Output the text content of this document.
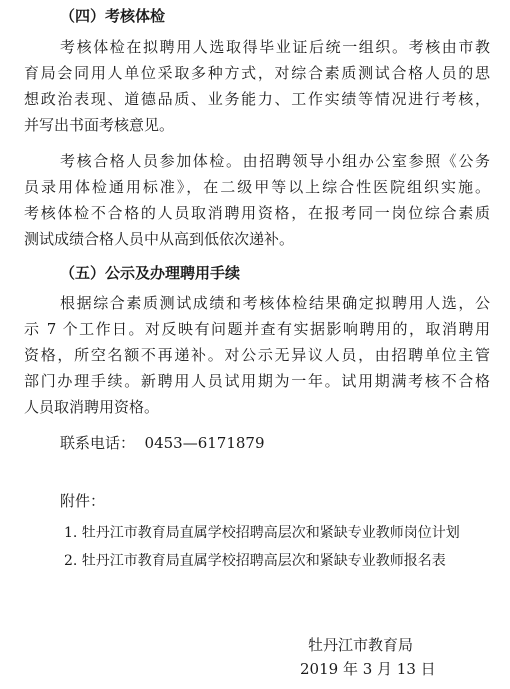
（四）考核体检
考核体检在拟聘用人选取得毕业证后统一组织。考核由市教
育局会同用人单位采取多种方式，对综合素质测试合格人员的思
想政治表现、道德品质、业务能力、工作实绩等情况进行考核，
并写出书面考核意见。
考核合格人员参加体检。由招聘领导小组办公室参照《公务
员录用体检通用标准》，在二级甲等以上综合性医院组织实施。
考核体检不合格的人员取消聘用资格，在报考同一岗位综合素质
测试成绩合格人员中从高到低依次递补。
（五）公示及办理聘用手续
根据综合素质测试成绩和考核体检结果确定拟聘用人选，公
示 7 个工作日。对反映有问题并查有实据影响聘用的，取消聘用
资格，所空名额不再递补。对公示无异议人员，由招聘单位主管
部门办理手续。新聘用人员试用期为一年。试用期满考核不合格
人员取消聘用资格。
联系电话：  0453—6171879
附件：
1. 牡丹江市教育局直属学校招聘高层次和紧缺专业教师岗位计划
2. 牡丹江市教育局直属学校招聘高层次和紧缺专业教师报名表
牡丹江市教育局
2019 年 3 月 13 日
